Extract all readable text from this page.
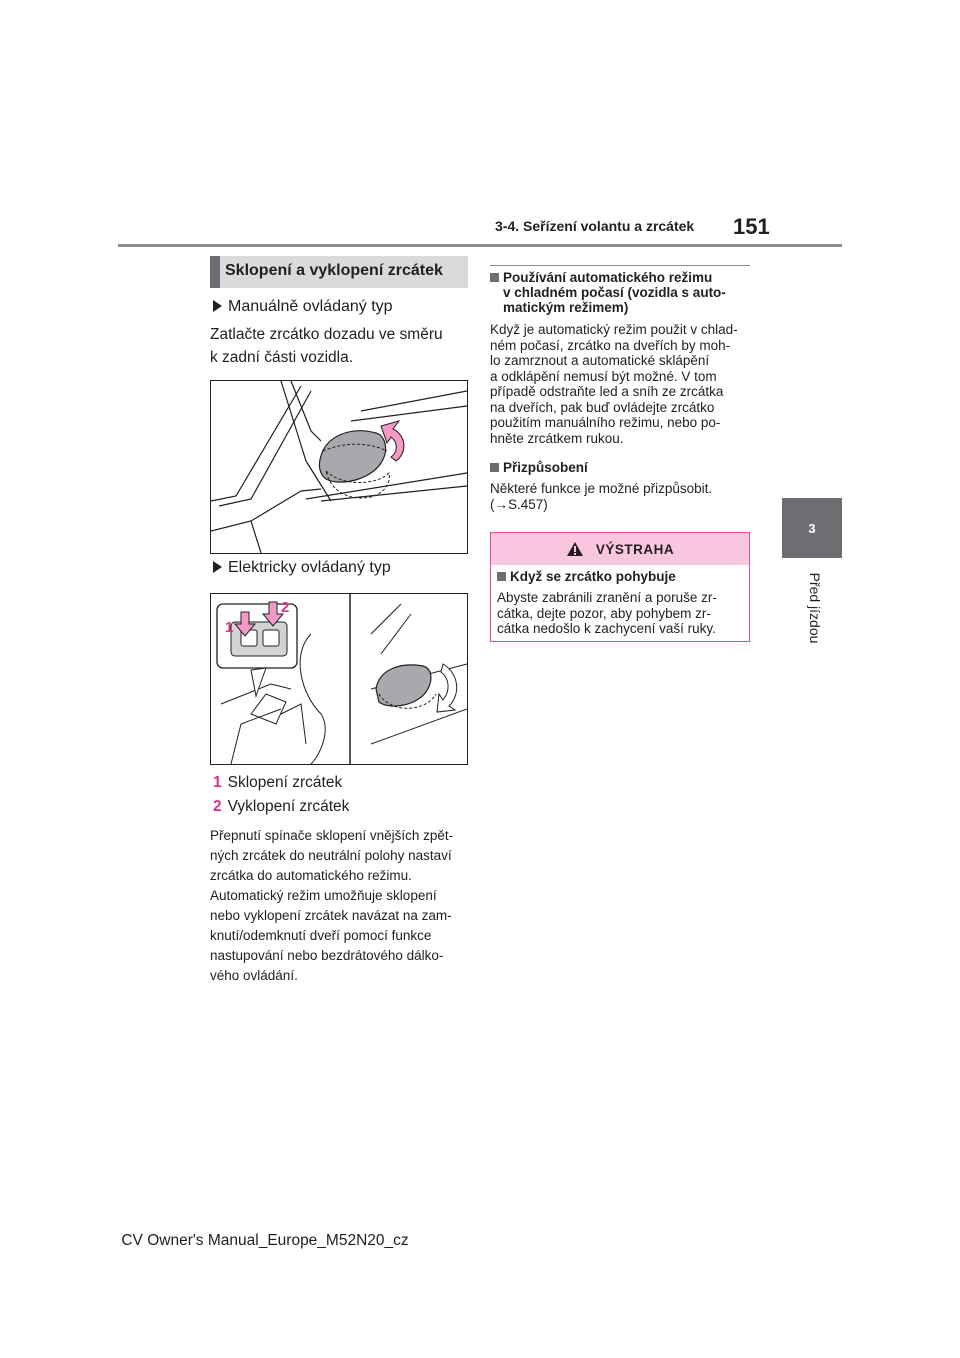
3-4. Seřízení volantu a zrcátek 151
3
Před jízdou
Sklopení a vyklopení zrcátek
Manuálně ovládaný typ
Zatlačte zrcátko dozadu ve směru
k zadní části vozidla.
Elektricky ovládaný typ
1
2
1 Sklopení zrcátek
2 Vyklopení zrcátek
Přepnutí spínače sklopení vnějších zpět-
ných zrcátek do neutrální polohy nastaví
zrcátka do automatického režimu.
Automatický režim umožňuje sklopení
nebo vyklopení zrcátek navázat na zam-
knutí/odemknutí dveří pomocí funkce
nastupování nebo bezdrátového dálko-
vého ovládání.
Používání automatického režimu
v chladném počasí (vozidla s auto-
matickým režimem)
Když je automatický režim použit v chlad-
ném počasí, zrcátko na dveřích by moh-
lo zamrznout a automatické sklápění
a odklápění nemusí být možné. V tom
případě odstraňte led a sníh ze zrcátka
na dveřích, pak buď ovládejte zrcátko
použitím manuálního režimu, nebo po-
hněte zrcátkem rukou.
Přizpůsobení
Některé funkce je možné přizpůsobit.
(→S.457)
VÝSTRAHA
Když se zrcátko pohybuje
Abyste zabránili zranění a poruše zr-
cátka, dejte pozor, aby pohybem zr-
cátka nedošlo k zachycení vaší ruky.
CV Owner's Manual_Europe_M52N20_cz
